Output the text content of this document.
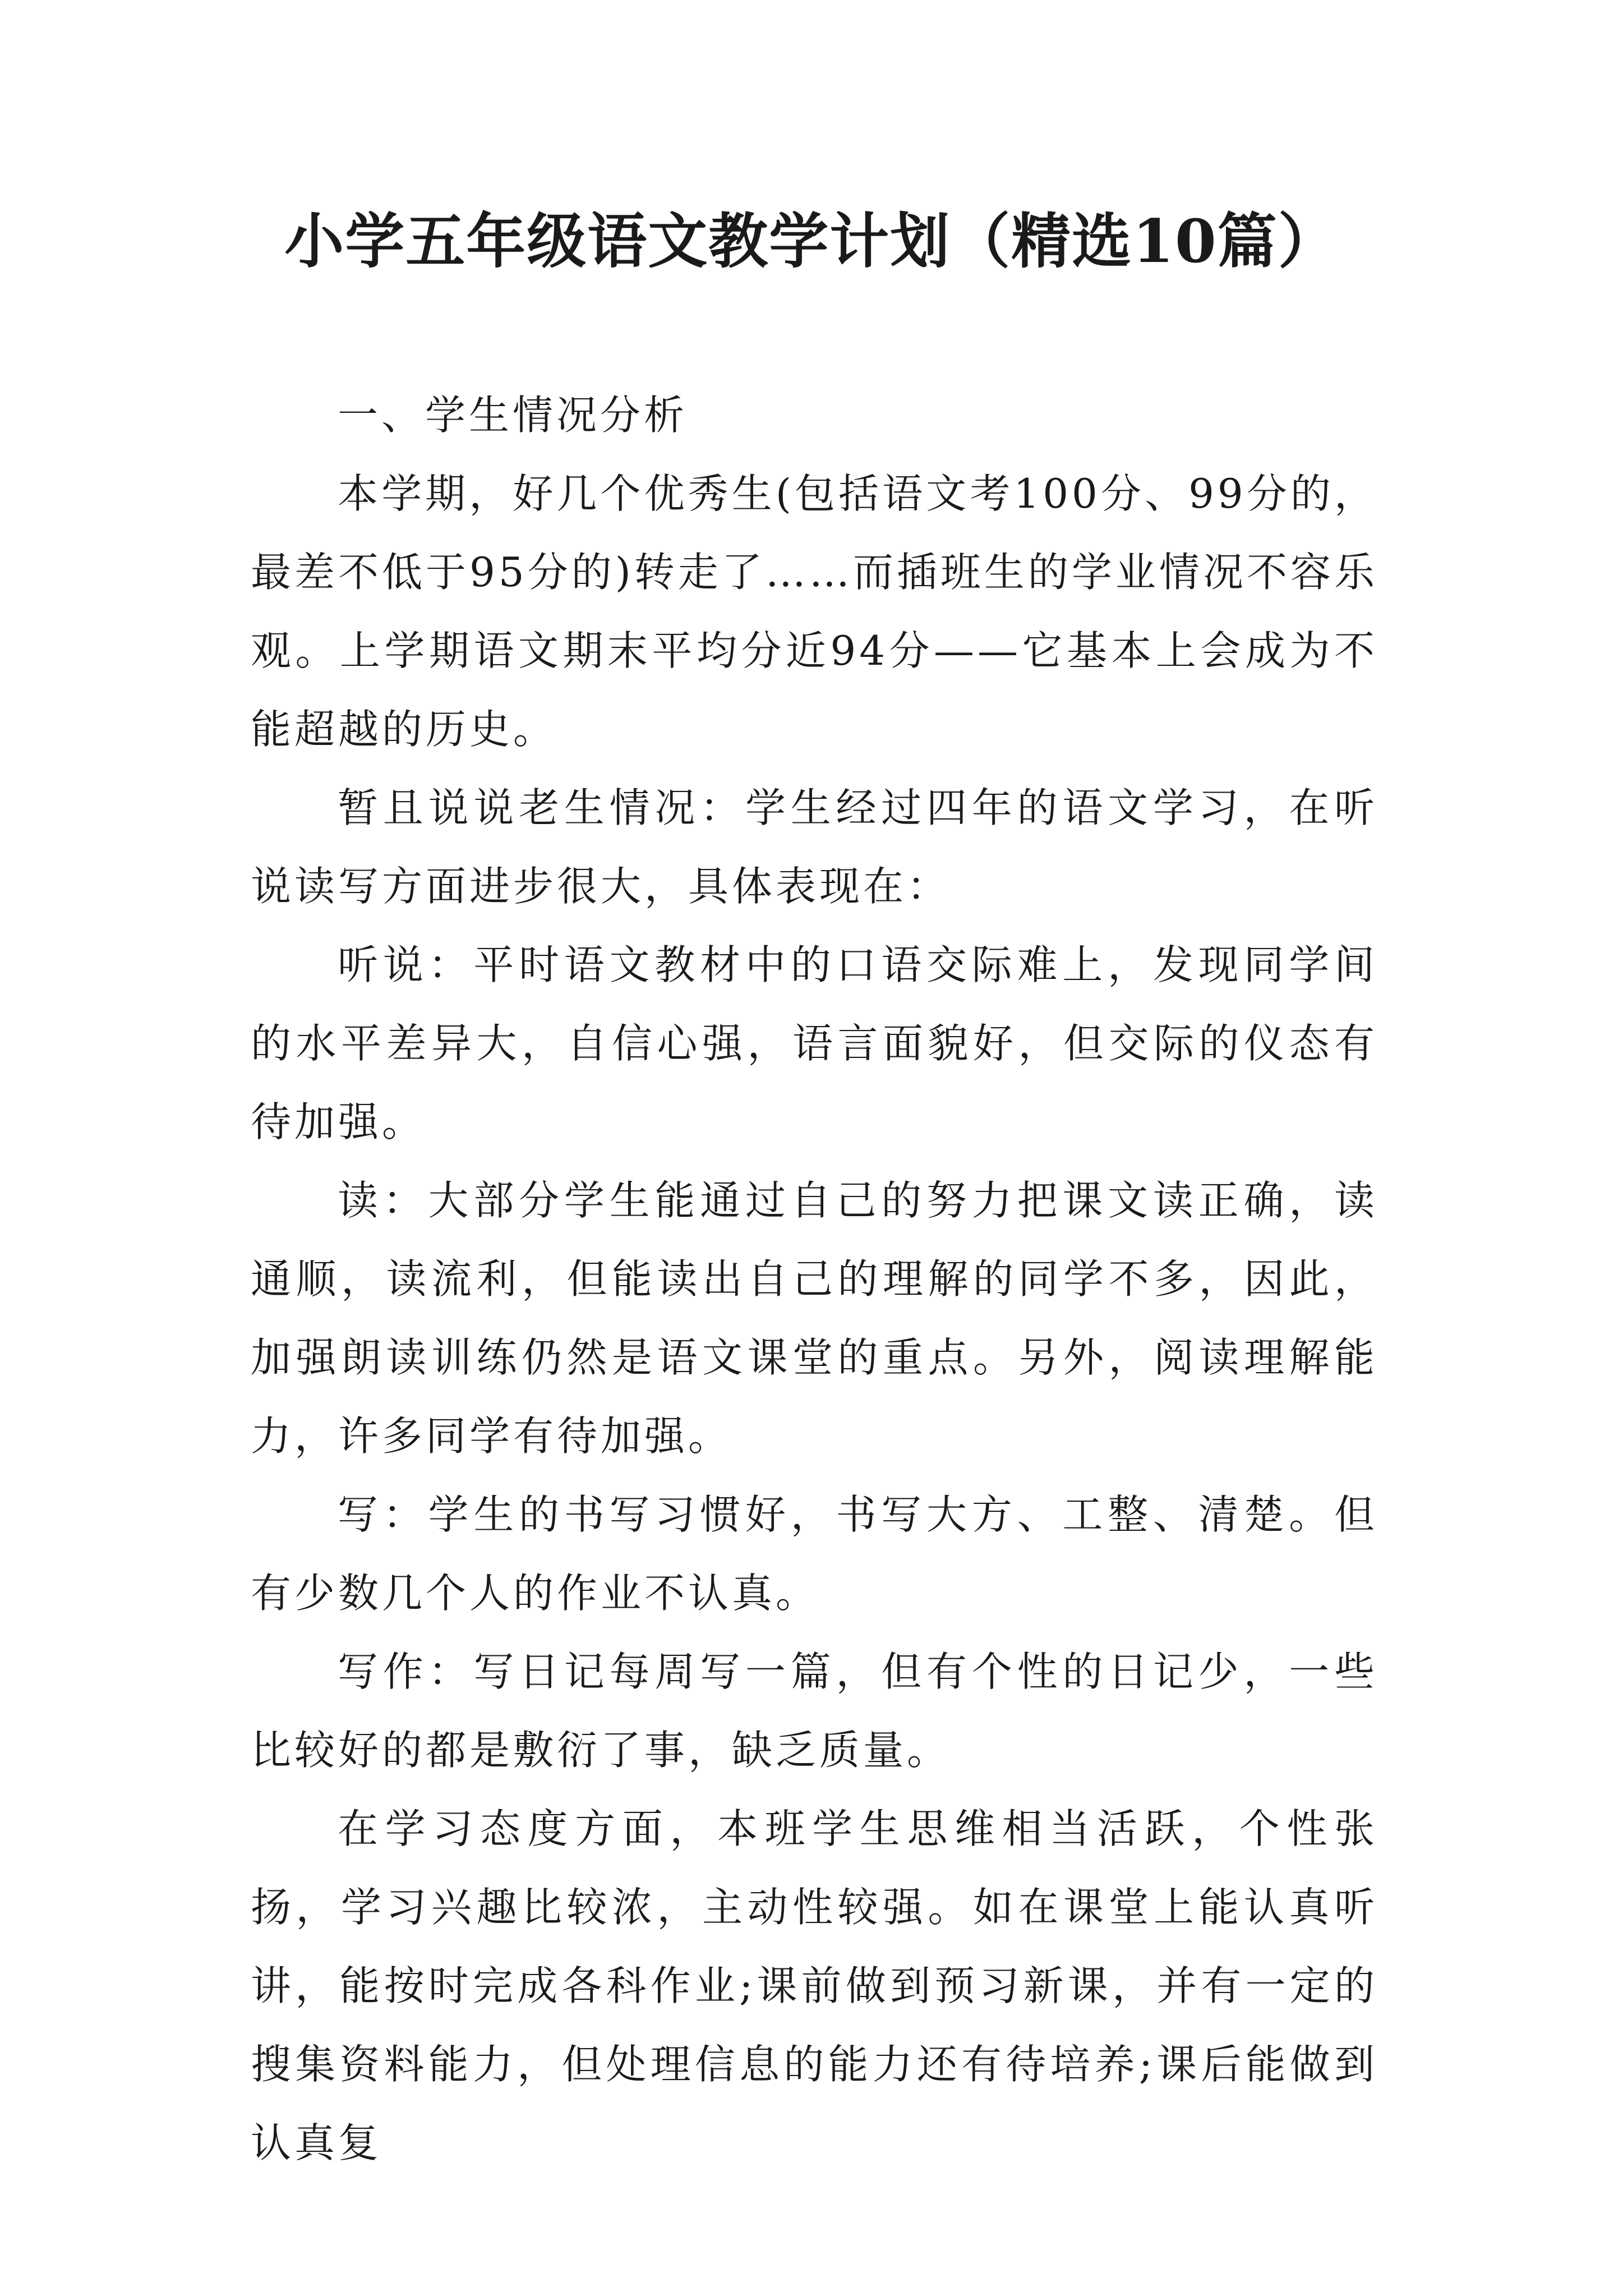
小学五年级语文教学计划（精选10篇）

一、学生情况分析

本学期，好几个优秀生(包括语文考100分、99分的，最差不低于95分的)转走了……而插班生的学业情况不容乐观。上学期语文期末平均分近94分——它基本上会成为不能超越的历史。

暂且说说老生情况：学生经过四年的语文学习，在听说读写方面进步很大，具体表现在：

听说：平时语文教材中的口语交际难上，发现同学间的水平差异大，自信心强，语言面貌好，但交际的仪态有待加强。

读：大部分学生能通过自己的努力把课文读正确，读通顺，读流利，但能读出自己的理解的同学不多，因此，加强朗读训练仍然是语文课堂的重点。另外，阅读理解能力，许多同学有待加强。

写：学生的书写习惯好，书写大方、工整、清楚。但有少数几个人的作业不认真。

写作：写日记每周写一篇，但有个性的日记少，一些比较好的都是敷衍了事，缺乏质量。

在学习态度方面，本班学生思维相当活跃，个性张扬，学习兴趣比较浓，主动性较强。如在课堂上能认真听讲，能按时完成各科作业;课前做到预习新课，并有一定的搜集资料能力，但处理信息的能力还有待培养;课后能做到认真复
